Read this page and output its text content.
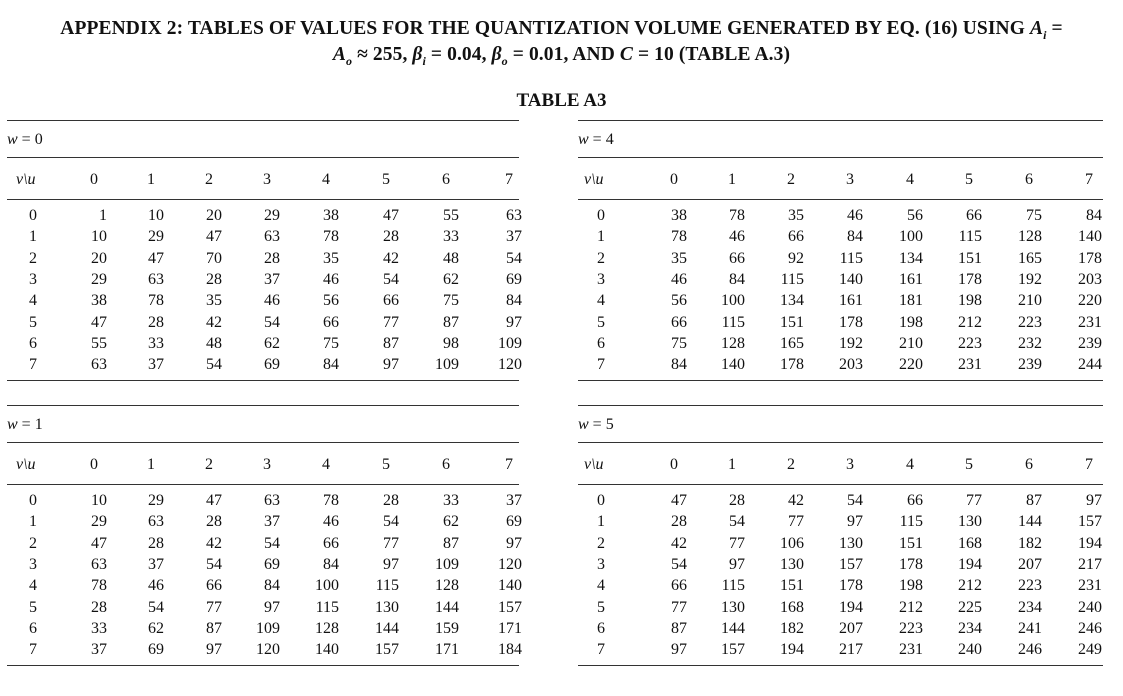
APPENDIX 2: TABLES OF VALUES FOR THE QUANTIZATION VOLUME GENERATED BY EQ. (16) USING $A_i$ =
$A_o \approx 255$, $\beta_i = 0.04$, $\beta_o = 0.01$, AND C = 10 (TABLE A.3)
TABLE A3
w = 0
v\u	0	1	2	3	4	5	6	7
0	1	10	20	29	38	47	55	63
1	10	29	47	63	78	28	33	37
2	20	47	70	28	35	42	48	54
3	29	63	28	37	46	54	62	69
4	38	78	35	46	56	66	75	84
5	47	28	42	54	66	77	87	97
6	55	33	48	62	75	87	98	109
7	63	37	54	69	84	97	109	120
w = 4
v\u	0	1	2	3	4	5	6	7
0	38	78	35	46	56	66	75	84
1	78	46	66	84	100	115	128	140
2	35	66	92	115	134	151	165	178
3	46	84	115	140	161	178	192	203
4	56	100	134	161	181	198	210	220
5	66	115	151	178	198	212	223	231
6	75	128	165	192	210	223	232	239
7	84	140	178	203	220	231	239	244
w = 1
v\u	0	1	2	3	4	5	6	7
0	10	29	47	63	78	28	33	37
1	29	63	28	37	46	54	62	69
2	47	28	42	54	66	77	87	97
3	63	37	54	69	84	97	109	120
4	78	46	66	84	100	115	128	140
5	28	54	77	97	115	130	144	157
6	33	62	87	109	128	144	159	171
7	37	69	97	120	140	157	171	184
w = 5
v\u	0	1	2	3	4	5	6	7
0	47	28	42	54	66	77	87	97
1	28	54	77	97	115	130	144	157
2	42	77	106	130	151	168	182	194
3	54	97	130	157	178	194	207	217
4	66	115	151	178	198	212	223	231
5	77	130	168	194	212	225	234	240
6	87	144	182	207	223	234	241	246
7	97	157	194	217	231	240	246	249
